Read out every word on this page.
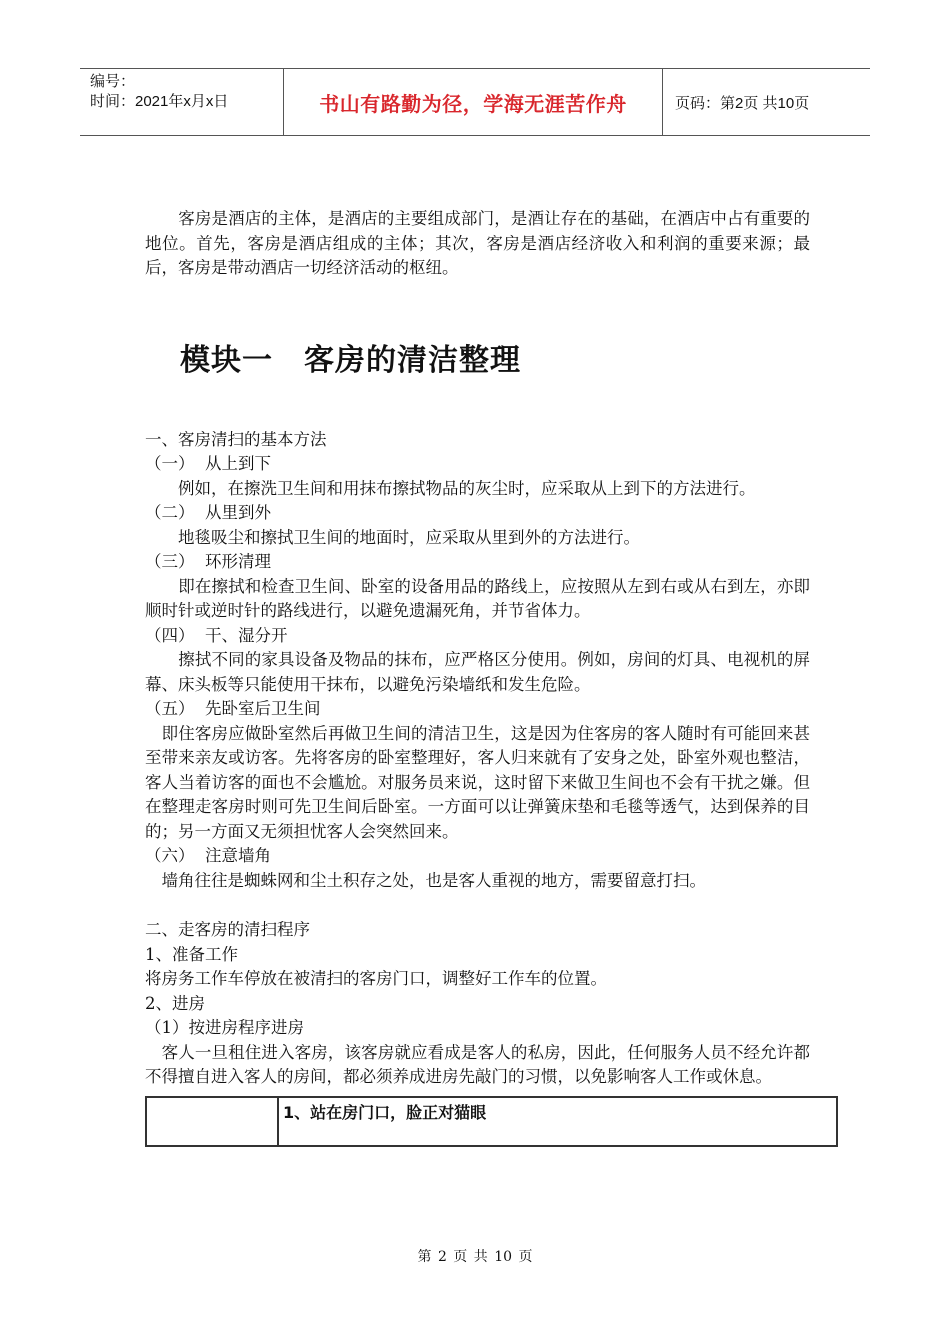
编号：
时间：2021年x月x日	书山有路勤为径，学海无涯苦作舟	页码：第2页 共10页

　　客房是酒店的主体，是酒店的主要组成部门，是酒让存在的基础，在酒店中占有重要的地位。首先，客房是酒店组成的主体；其次，客房是酒店经济收入和利润的重要来源；最后，客房是带动酒店一切经济活动的枢纽。

模块一　客房的清洁整理

一、客房清扫的基本方法

（一）  从上到下

　　例如，在擦洗卫生间和用抹布擦拭物品的灰尘时，应采取从上到下的方法进行。

（二）  从里到外

　　地毯吸尘和擦拭卫生间的地面时，应采取从里到外的方法进行。

（三）  环形清理

　　即在擦拭和检查卫生间、卧室的设备用品的路线上，应按照从左到右或从右到左，亦即顺时针或逆时针的路线进行，以避免遗漏死角，并节省体力。

（四）  干、湿分开

　　擦拭不同的家具设备及物品的抹布，应严格区分使用。例如，房间的灯具、电视机的屏幕、床头板等只能使用干抹布，以避免污染墙纸和发生危险。

（五）  先卧室后卫生间

　即住客房应做卧室然后再做卫生间的清洁卫生，这是因为住客房的客人随时有可能回来甚至带来亲友或访客。先将客房的卧室整理好，客人归来就有了安身之处，卧室外观也整洁，客人当着访客的面也不会尴尬。对服务员来说，这时留下来做卫生间也不会有干扰之嫌。但在整理走客房时则可先卫生间后卧室。一方面可以让弹簧床垫和毛毯等透气，达到保养的目的；另一方面又无须担忧客人会突然回来。

（六）  注意墙角

　墙角往往是蜘蛛网和尘土积存之处，也是客人重视的地方，需要留意打扫。

二、走客房的清扫程序

1、准备工作

将房务工作车停放在被清扫的客房门口，调整好工作车的位置。

2、进房

（1）按进房程序进房

　客人一旦租住进入客房，该客房就应看成是客人的私房，因此，任何服务人员不经允许都不得擅自进入客人的房间，都必须养成进房先敲门的习惯，以免影响客人工作或休息。

	1、站在房门口，脸正对猫眼
第 2 页 共 10 页
